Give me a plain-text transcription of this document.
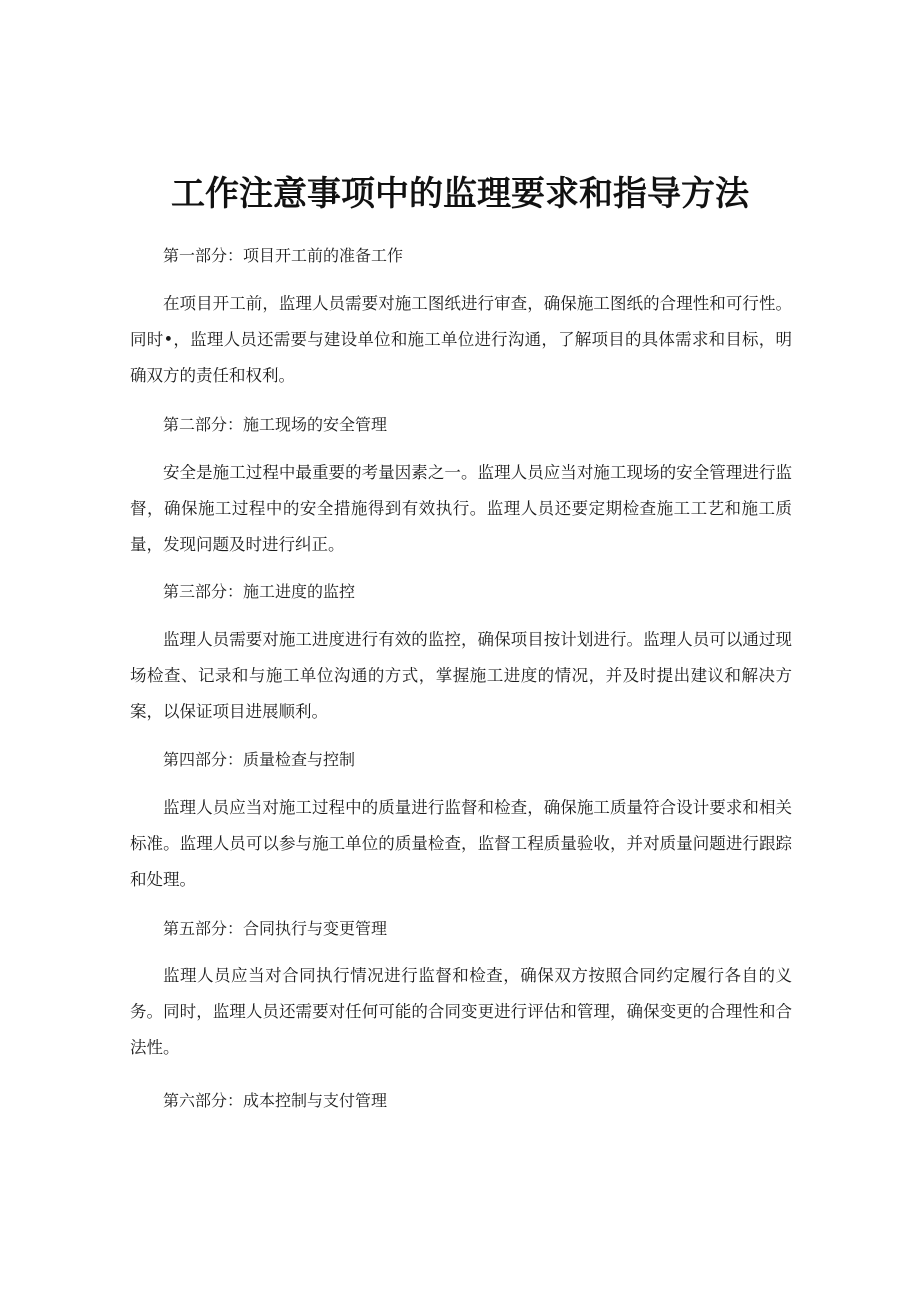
工作注意事项中的监理要求和指导方法

第一部分：项目开工前的准备工作

在项目开工前，监理人员需要对施工图纸进行审查，确保施工图纸的合理性和可行性。同时•，监理人员还需要与建设单位和施工单位进行沟通，了解项目的具体需求和目标，明确双方的责任和权利。

第二部分：施工现场的安全管理

安全是施工过程中最重要的考量因素之一。监理人员应当对施工现场的安全管理进行监督，确保施工过程中的安全措施得到有效执行。监理人员还要定期检查施工工艺和施工质量，发现问题及时进行纠正。

第三部分：施工进度的监控

监理人员需要对施工进度进行有效的监控，确保项目按计划进行。监理人员可以通过现场检查、记录和与施工单位沟通的方式，掌握施工进度的情况，并及时提出建议和解决方案，以保证项目进展顺利。

第四部分：质量检查与控制

监理人员应当对施工过程中的质量进行监督和检查，确保施工质量符合设计要求和相关标准。监理人员可以参与施工单位的质量检查，监督工程质量验收，并对质量问题进行跟踪和处理。

第五部分：合同执行与变更管理

监理人员应当对合同执行情况进行监督和检查，确保双方按照合同约定履行各自的义务。同时，监理人员还需要对任何可能的合同变更进行评估和管理，确保变更的合理性和合法性。

第六部分：成本控制与支付管理
